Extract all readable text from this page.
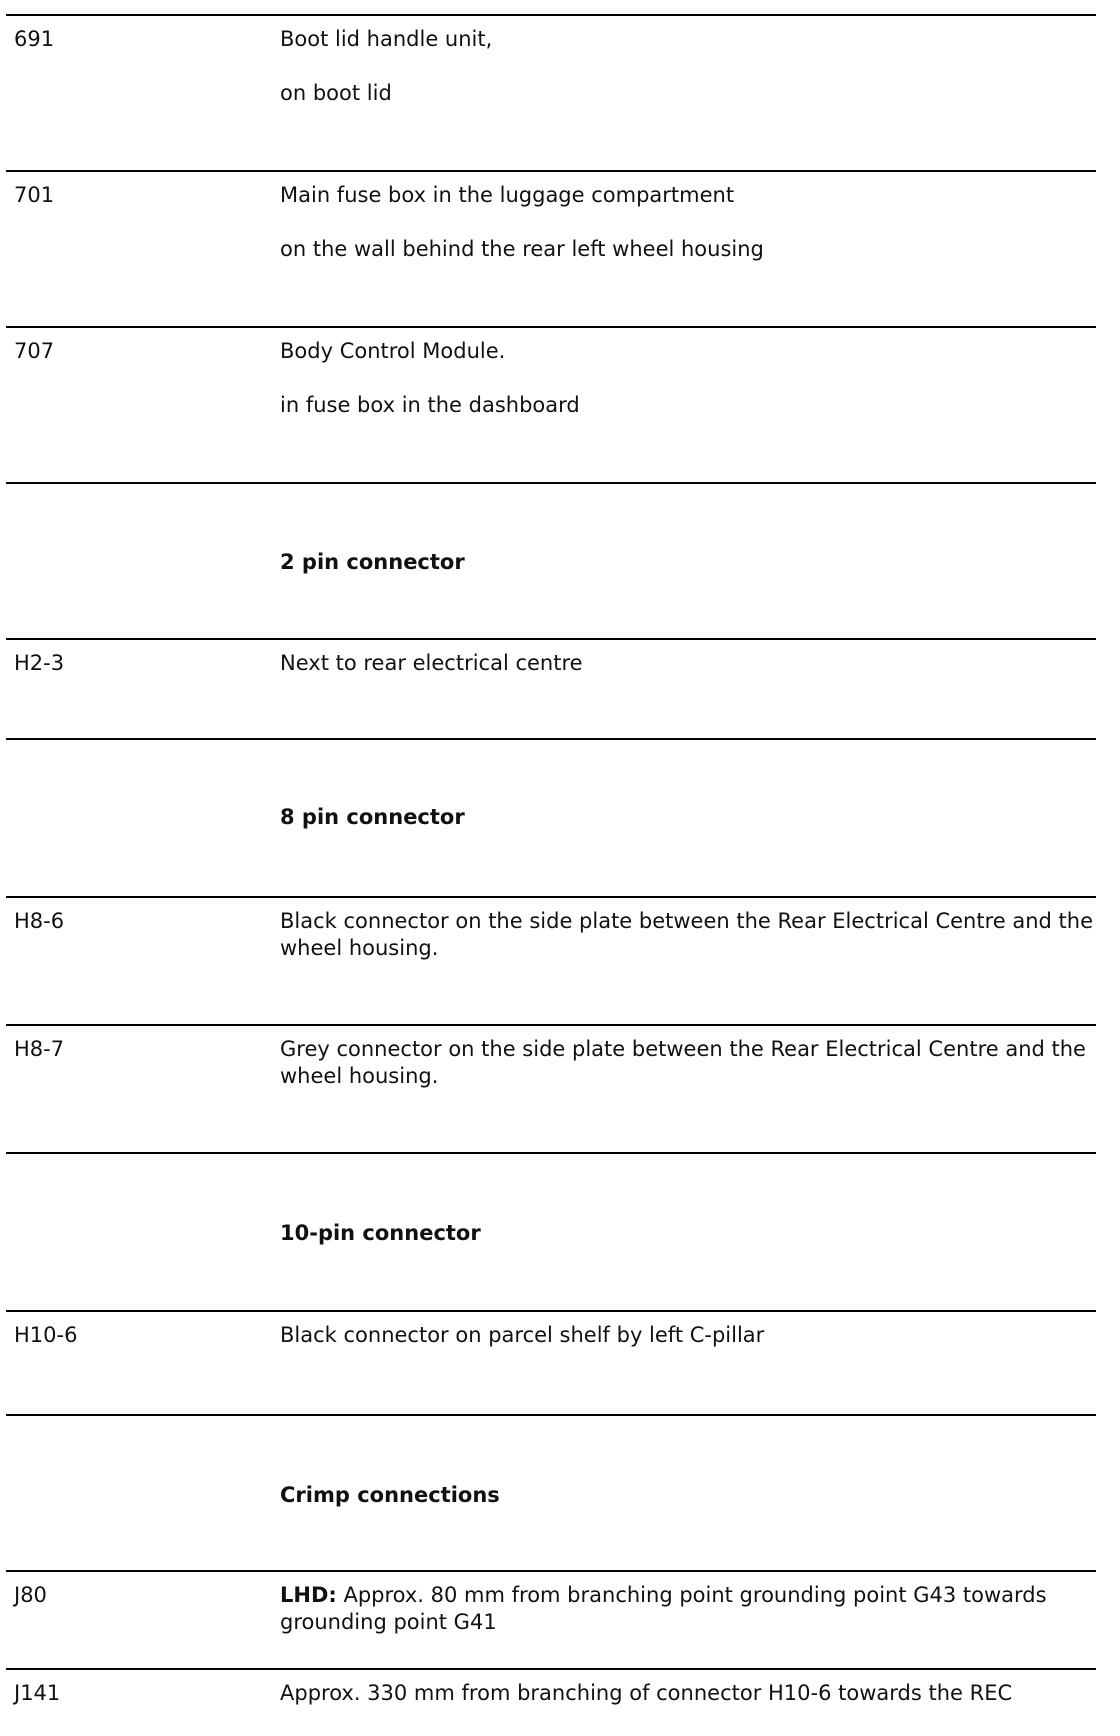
691	Boot lid handle unit,
on boot lid
701	Main fuse box in the luggage compartment
on the wall behind the rear left wheel housing
707	Body Control Module.
in fuse box in the dashboard
2 pin connector
H2-3	Next to rear electrical centre
8 pin connector
H8-6	Black connector on the side plate between the Rear Electrical Centre and the wheel housing.
H8-7	Grey connector on the side plate between the Rear Electrical Centre and the wheel housing.
10-pin connector
H10-6	Black connector on parcel shelf by left C-pillar
Crimp connections
J80	LHD: Approx. 80 mm from branching point grounding point G43 towards grounding point G41
J141	Approx. 330 mm from branching of connector H10-6 towards the REC
